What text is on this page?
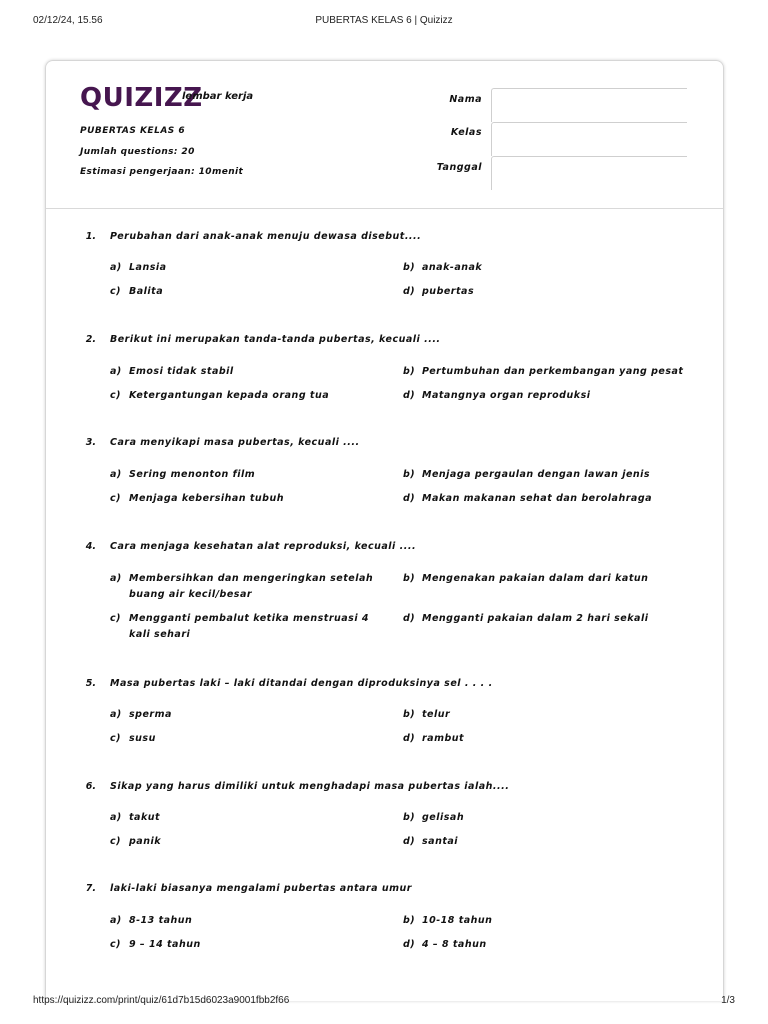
02/12/24, 15.56	PUBERTAS KELAS 6 | Quizizz
QUIZIZZ
lembar kerja
PUBERTAS KELAS 6
Jumlah questions: 20
Estimasi pengerjaan: 10menit
Nama
Kelas
Tanggal
1. Perubahan dari anak-anak menuju dewasa disebut....
a) Lansia	b) anak-anak
c) Balita	d) pubertas
2. Berikut ini merupakan tanda-tanda pubertas, kecuali ....
a) Emosi tidak stabil	b) Pertumbuhan dan perkembangan yang pesat
c) Ketergantungan kepada orang tua	d) Matangnya organ reproduksi
3. Cara menyikapi masa pubertas, kecuali ....
a) Sering menonton film	b) Menjaga pergaulan dengan lawan jenis
c) Menjaga kebersihan tubuh	d) Makan makanan sehat dan berolahraga
4. Cara menjaga kesehatan alat reproduksi, kecuali ....
a) Membersihkan dan mengeringkan setelah buang air kecil/besar
b) Mengenakan pakaian dalam dari katun
c) Mengganti pembalut ketika menstruasi 4 kali sehari
d) Mengganti pakaian dalam 2 hari sekali
5. Masa pubertas laki – laki ditandai dengan diproduksinya sel . . . .
a) sperma	b) telur
c) susu	d) rambut
6. Sikap yang harus dimiliki untuk menghadapi masa pubertas ialah....
a) takut	b) gelisah
c) panik	d) santai
7. laki-laki biasanya mengalami pubertas antara umur
a) 8-13 tahun	b) 10-18 tahun
c) 9 – 14 tahun	d) 4 – 8 tahun
https://quizizz.com/print/quiz/61d7b15d6023a9001fbb2f66	1/3
